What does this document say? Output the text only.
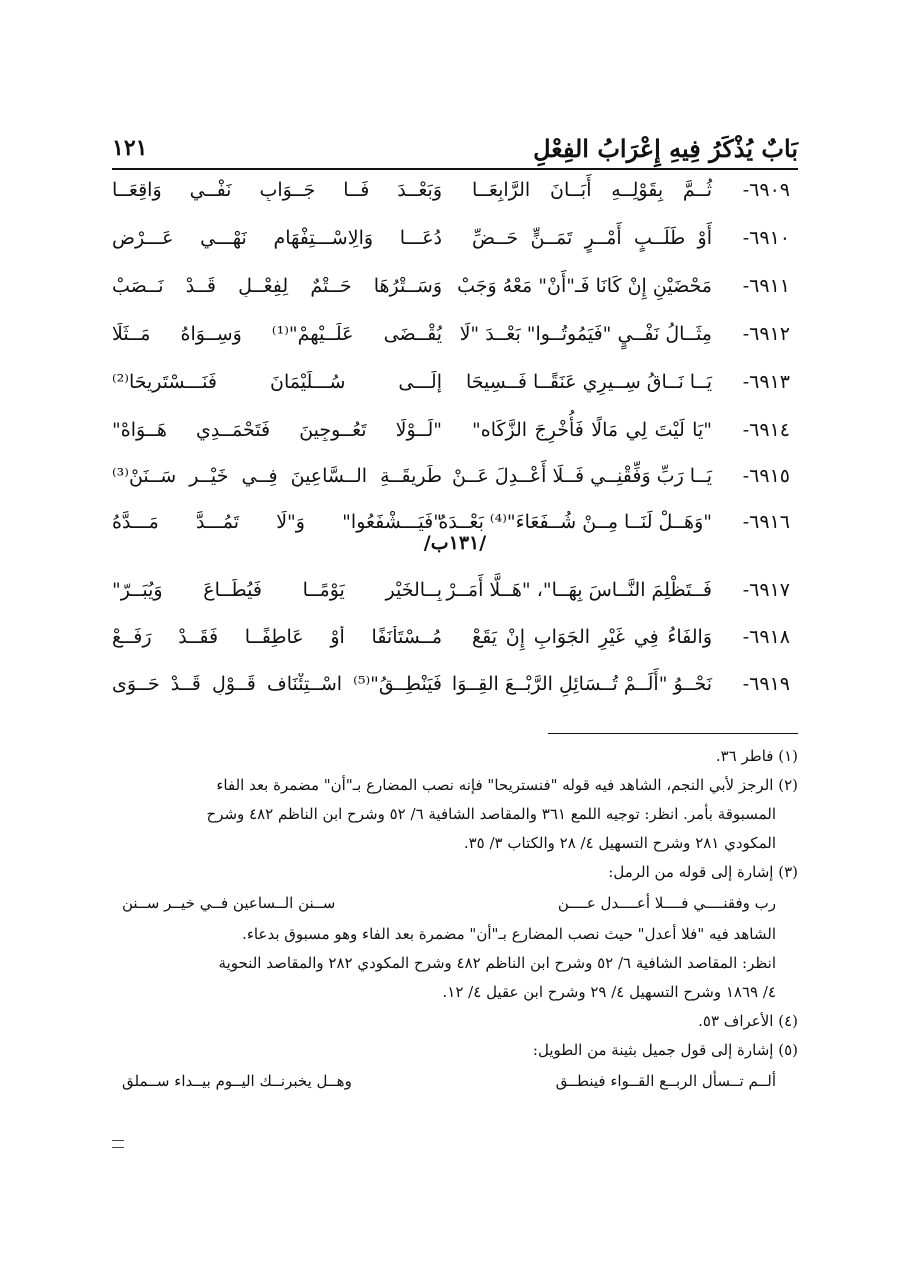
بَابٌ يُذْكَرُ فِيهِ إِعْرَابُ الفِعْلِ
١٢١
٦٩٠٩-
ثُــمَّ بِقَوْلِــهِ أَبَــانَ الرَّابِعَــا
وَبَعْــدَ فَــا جَــوَابِ نَفْــيٍ وَاقِعَــا
٦٩١٠-
أَوْ طَلَــبٍ أَمْــرٍ تَمَــنٍّ حَــضِّ
دُعَـــا وَالِاسْـــتِفْهَامِ نَهْـــيٍ عَـــرْضِ
٦٩١١-
مَحْضَيْنِ إِنْ كَانَا فَـ"أَنْ" مَعْهُ وَجَبْ
وَسَــتْرُهَا حَــتْمٌ لِفِعْــلٍ قَــدْ نَــصَبْ
٦٩١٢-
مِثَــالُ نَفْــيٍ "فَيَمُوتُــوا" بَعْــدَ "لَا
يُقْــضَى عَلَــيْهِمْ"⁽¹⁾ وَسِــوَاهُ مَــثَلَا
٦٩١٣-
يَــا نَــاقُ سِــيرِي عَنَقًــا فَــسِيحَا
إِلَـــى سُـــلَيْمَانَ فَنَـــسْتَرِيحَا⁽²⁾
٦٩١٤-
"يَا لَيْتَ لِي مَالًا فَأُخْرِجَ الزَّكَاه"
"لَــوْلَا تَعُــوجِينَ فَتَحْمَــدِي هَــوَاهْ"
٦٩١٥-
يَــا رَبِّ وَفِّقْنِــي فَــلَا أَعْــدِلَ عَــنْ
طَرِيقَــةِ الــسَّاعِينَ فِــي خَيْــرِ سَــنَنْ⁽³⁾
٦٩١٦-
"وَهَــلْ لَنَــا مِــنْ شُــفَعَاءَ"⁽⁴⁾ بَعْــدَهُ
"فَيَـــشْفَعُوا" وَ"لَا تَمُـــدَّ مَـــدَّهُ
/١٣١ب/
٦٩١٧-
فَــتَظْلِمَ النَّــاسَ بِهَــا"، "هَــلَّا أَمَــرْ
بِــالخَيْرِ يَوْمًــا فَيُطَــاعَ وَيُبَــرّ"
٦٩١٨-
وَالفَاءُ فِي غَيْرِ الجَوَابِ إِنْ يَقَعْ
مُــسْتَأْنَفًا أَوْ عَاطِفًــا فَقَــدْ رَفَــعْ
٦٩١٩-
نَحْــوُ "أَلَــمْ تُــسَائِلِ الرَّبْــعَ القِــوَا
فَيَنْطِــقُ"⁽⁵⁾ اسْــتِئْنَاف قَــوْلٍ قَــدْ حَــوَى

(١) فاطر ٣٦.

(٢) الرجز لأبي النجم، الشاهد فيه قوله "فنستريحا" فإنه نصب المضارع بـ"أن" مضمرة بعد الفاء

المسبوقة بأمر. انظر: توجيه اللمع ٣٦١ والمقاصد الشافية ٦/ ٥٢ وشرح ابن الناظم ٤٨٢ وشرح

المكودي ٢٨١ وشرح التسهيل ٤/ ٢٨ والكتاب ٣/ ٣٥.

(٣) إشارة إلى قوله من الرمل:

رب وفقنــــي فــــلا أعــــدل عــــن
ســنن الــساعين فــي خيــر ســنن

الشاهد فيه "فلا أعدل" حيث نصب المضارع بـ"أن" مضمرة بعد الفاء وهو مسبوق بدعاء.

انظر: المقاصد الشافية ٦/ ٥٢ وشرح ابن الناظم ٤٨٢ وشرح المكودي ٢٨٢ والمقاصد النحوية

٤/ ١٨٦٩ وشرح التسهيل ٤/ ٢٩ وشرح ابن عقيل ٤/ ١٢.

(٤) الأعراف ٥٣.

(٥) إشارة إلى قول جميل بثينة من الطويل:

ألــم تــسأل الربــع القــواء فينطــق
وهــل يخبرنــك اليــوم بيــداء ســملق
